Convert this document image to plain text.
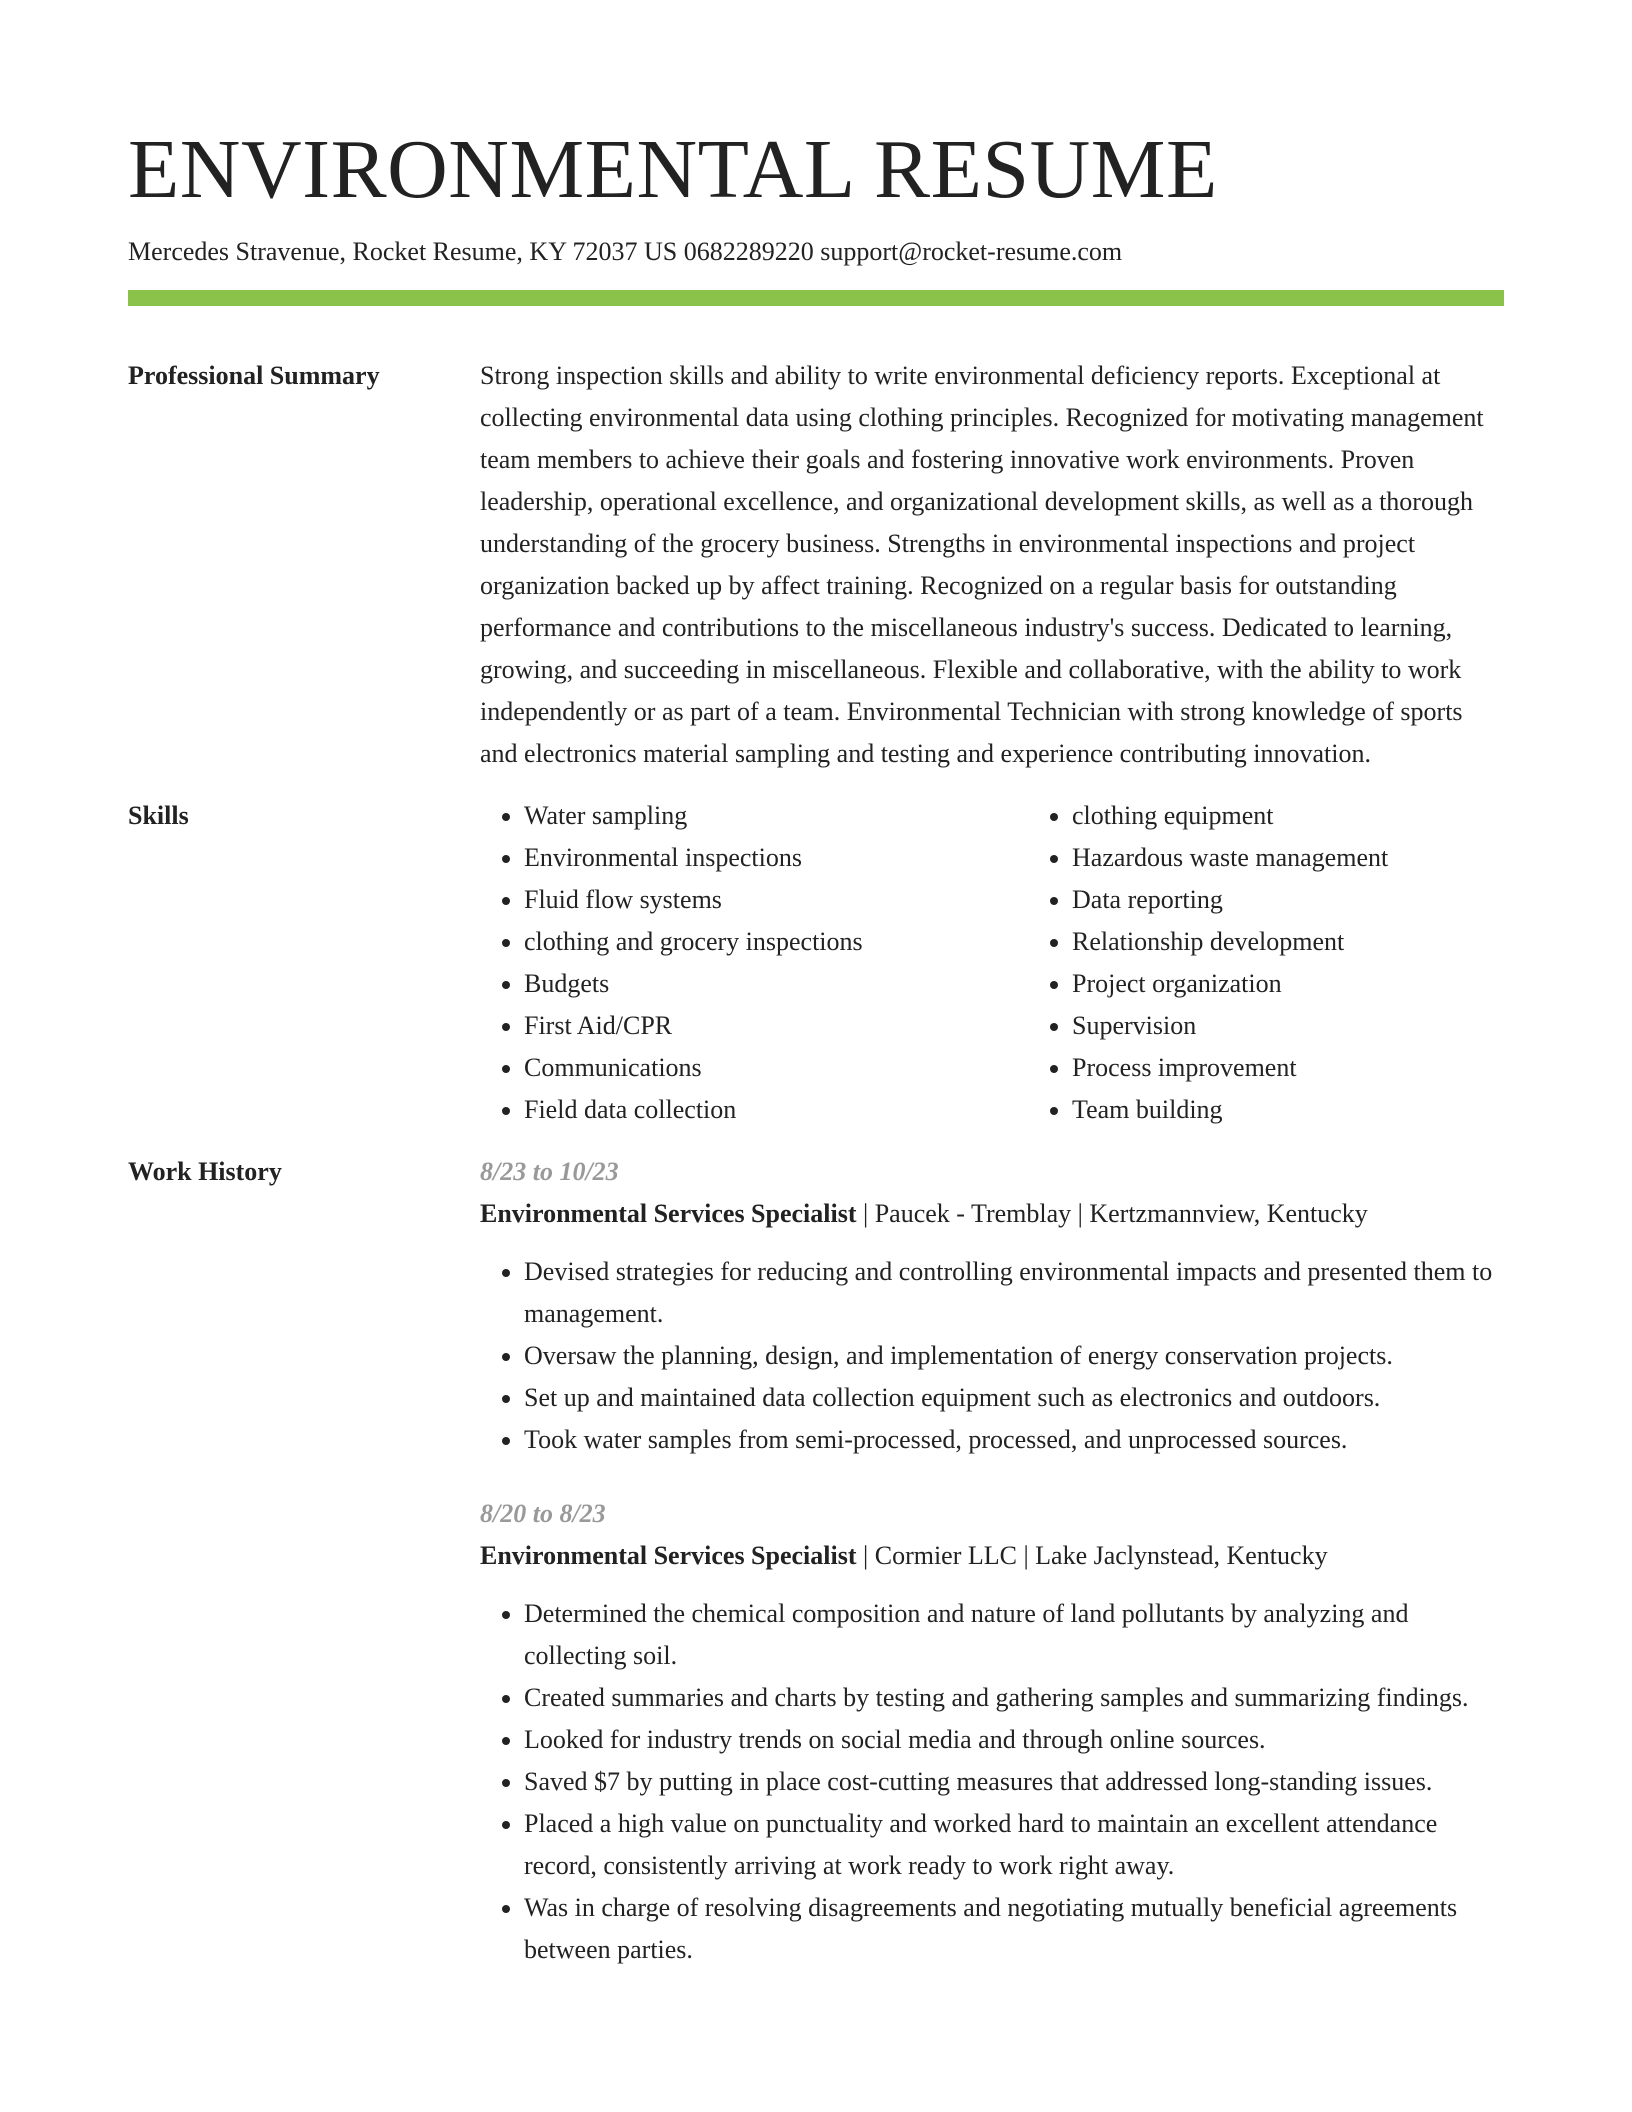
ENVIRONMENTAL RESUME
Mercedes Stravenue, Rocket Resume, KY 72037 US 0682289220 support@rocket-resume.com
Professional Summary	Strong inspection skills and ability to write environmental deficiency reports. Exceptional at collecting environmental data using clothing principles. Recognized for motivating management team members to achieve their goals and fostering innovative work environments. Proven leadership, operational excellence, and organizational development skills, as well as a thorough understanding of the grocery business. Strengths in environmental inspections and project organization backed up by affect training. Recognized on a regular basis for outstanding performance and contributions to the miscellaneous industry's success. Dedicated to learning, growing, and succeeding in miscellaneous. Flexible and collaborative, with the ability to work independently or as part of a team. Environmental Technician with strong knowledge of sports and electronics material sampling and testing and experience contributing innovation.
Skills
•	Water sampling
• Environmental inspections
• Fluid flow systems
• clothing and grocery inspections
• Budgets
• First Aid/CPR
• Communications
• Field data collection
• clothing equipment
• Hazardous waste management
• Data reporting
• Relationship development
• Project organization
• Supervision
• Process improvement
• Team building
Work History	8/23 to 10/23
Environmental Services Specialist | Paucek - Tremblay | Kertzmannview, Kentucky
• Devised strategies for reducing and controlling environmental impacts and presented them to management.
• Oversaw the planning, design, and implementation of energy conservation projects.
• Set up and maintained data collection equipment such as electronics and outdoors.
• Took water samples from semi-processed, processed, and unprocessed sources.
8/20 to 8/23
Environmental Services Specialist | Cormier LLC | Lake Jaclynstead, Kentucky
• Determined the chemical composition and nature of land pollutants by analyzing and collecting soil.
• Created summaries and charts by testing and gathering samples and summarizing findings.
• Looked for industry trends on social media and through online sources.
• Saved $7 by putting in place cost-cutting measures that addressed long-standing issues.
• Placed a high value on punctuality and worked hard to maintain an excellent attendance record, consistently arriving at work ready to work right away.
• Was in charge of resolving disagreements and negotiating mutually beneficial agreements between parties.
